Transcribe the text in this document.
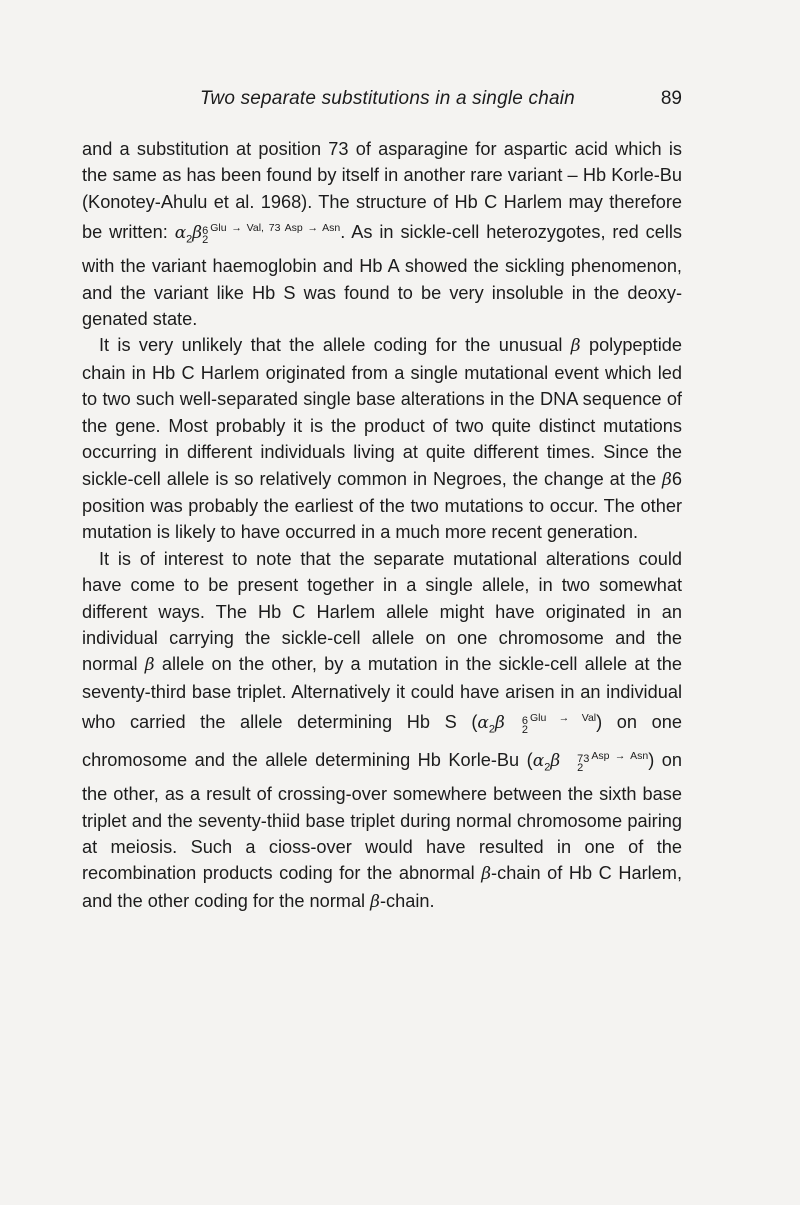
Two separate substitutions in a single chain	89

and a substitution at position 73 of asparagine for aspartic acid which is the same as has been found by itself in another rare variant – Hb Korle-Bu (Konotey-Ahulu et al. 1968). The structure of Hb C Harlem may therefore be written: $\alpha_2\beta$ 6
2
$^{Glu \to Val, 73 Asp \to Asn}$. As in sickle-cell heterozygotes, red cells with the variant haemoglobin and Hb A showed the sickling phenomenon, and the variant like Hb S was found to be very insoluble in the deoxygenated state.

It is very unlikely that the allele coding for the unusual β polypeptide chain in Hb C Harlem originated from a single mutational event which led to two such well-separated single base alterations in the DNA sequence of the gene. Most probably it is the product of two quite distinct mutations occurring in different individuals living at quite different times. Since the sickle-cell allele is so relatively common in Negroes, the change at the β6 position was probably the earliest of the two mutations to occur. The other mutation is likely to have occurred in a much more recent generation.

It is of interest to note that the separate mutational alterations could have come to be present together in a single allele, in two somewhat different ways. The Hb C Harlem allele might have originated in an individual carrying the sickle-cell allele on one chromosome and the normal β allele on the other, by a mutation in the sickle-cell allele at the seventy-third base triplet. Alternatively it could have arisen in an individual who carried the allele determining Hb S ($\alpha_2\beta$	6
2
$^{Glu \to Val}$) on one chromosome and the allele determining Hb Korle-Bu ($\alpha_2\beta$	73
2
$^{Asp \to Asn}$) on the other, as a result of crossing-over somewhere between the sixth base triplet and the seventy-thiid base triplet during normal chromosome pairing at meiosis. Such a cioss-over would have resulted in one of the recombination products coding for the abnormal β-chain of Hb C Harlem, and the other coding for the normal β-chain.
